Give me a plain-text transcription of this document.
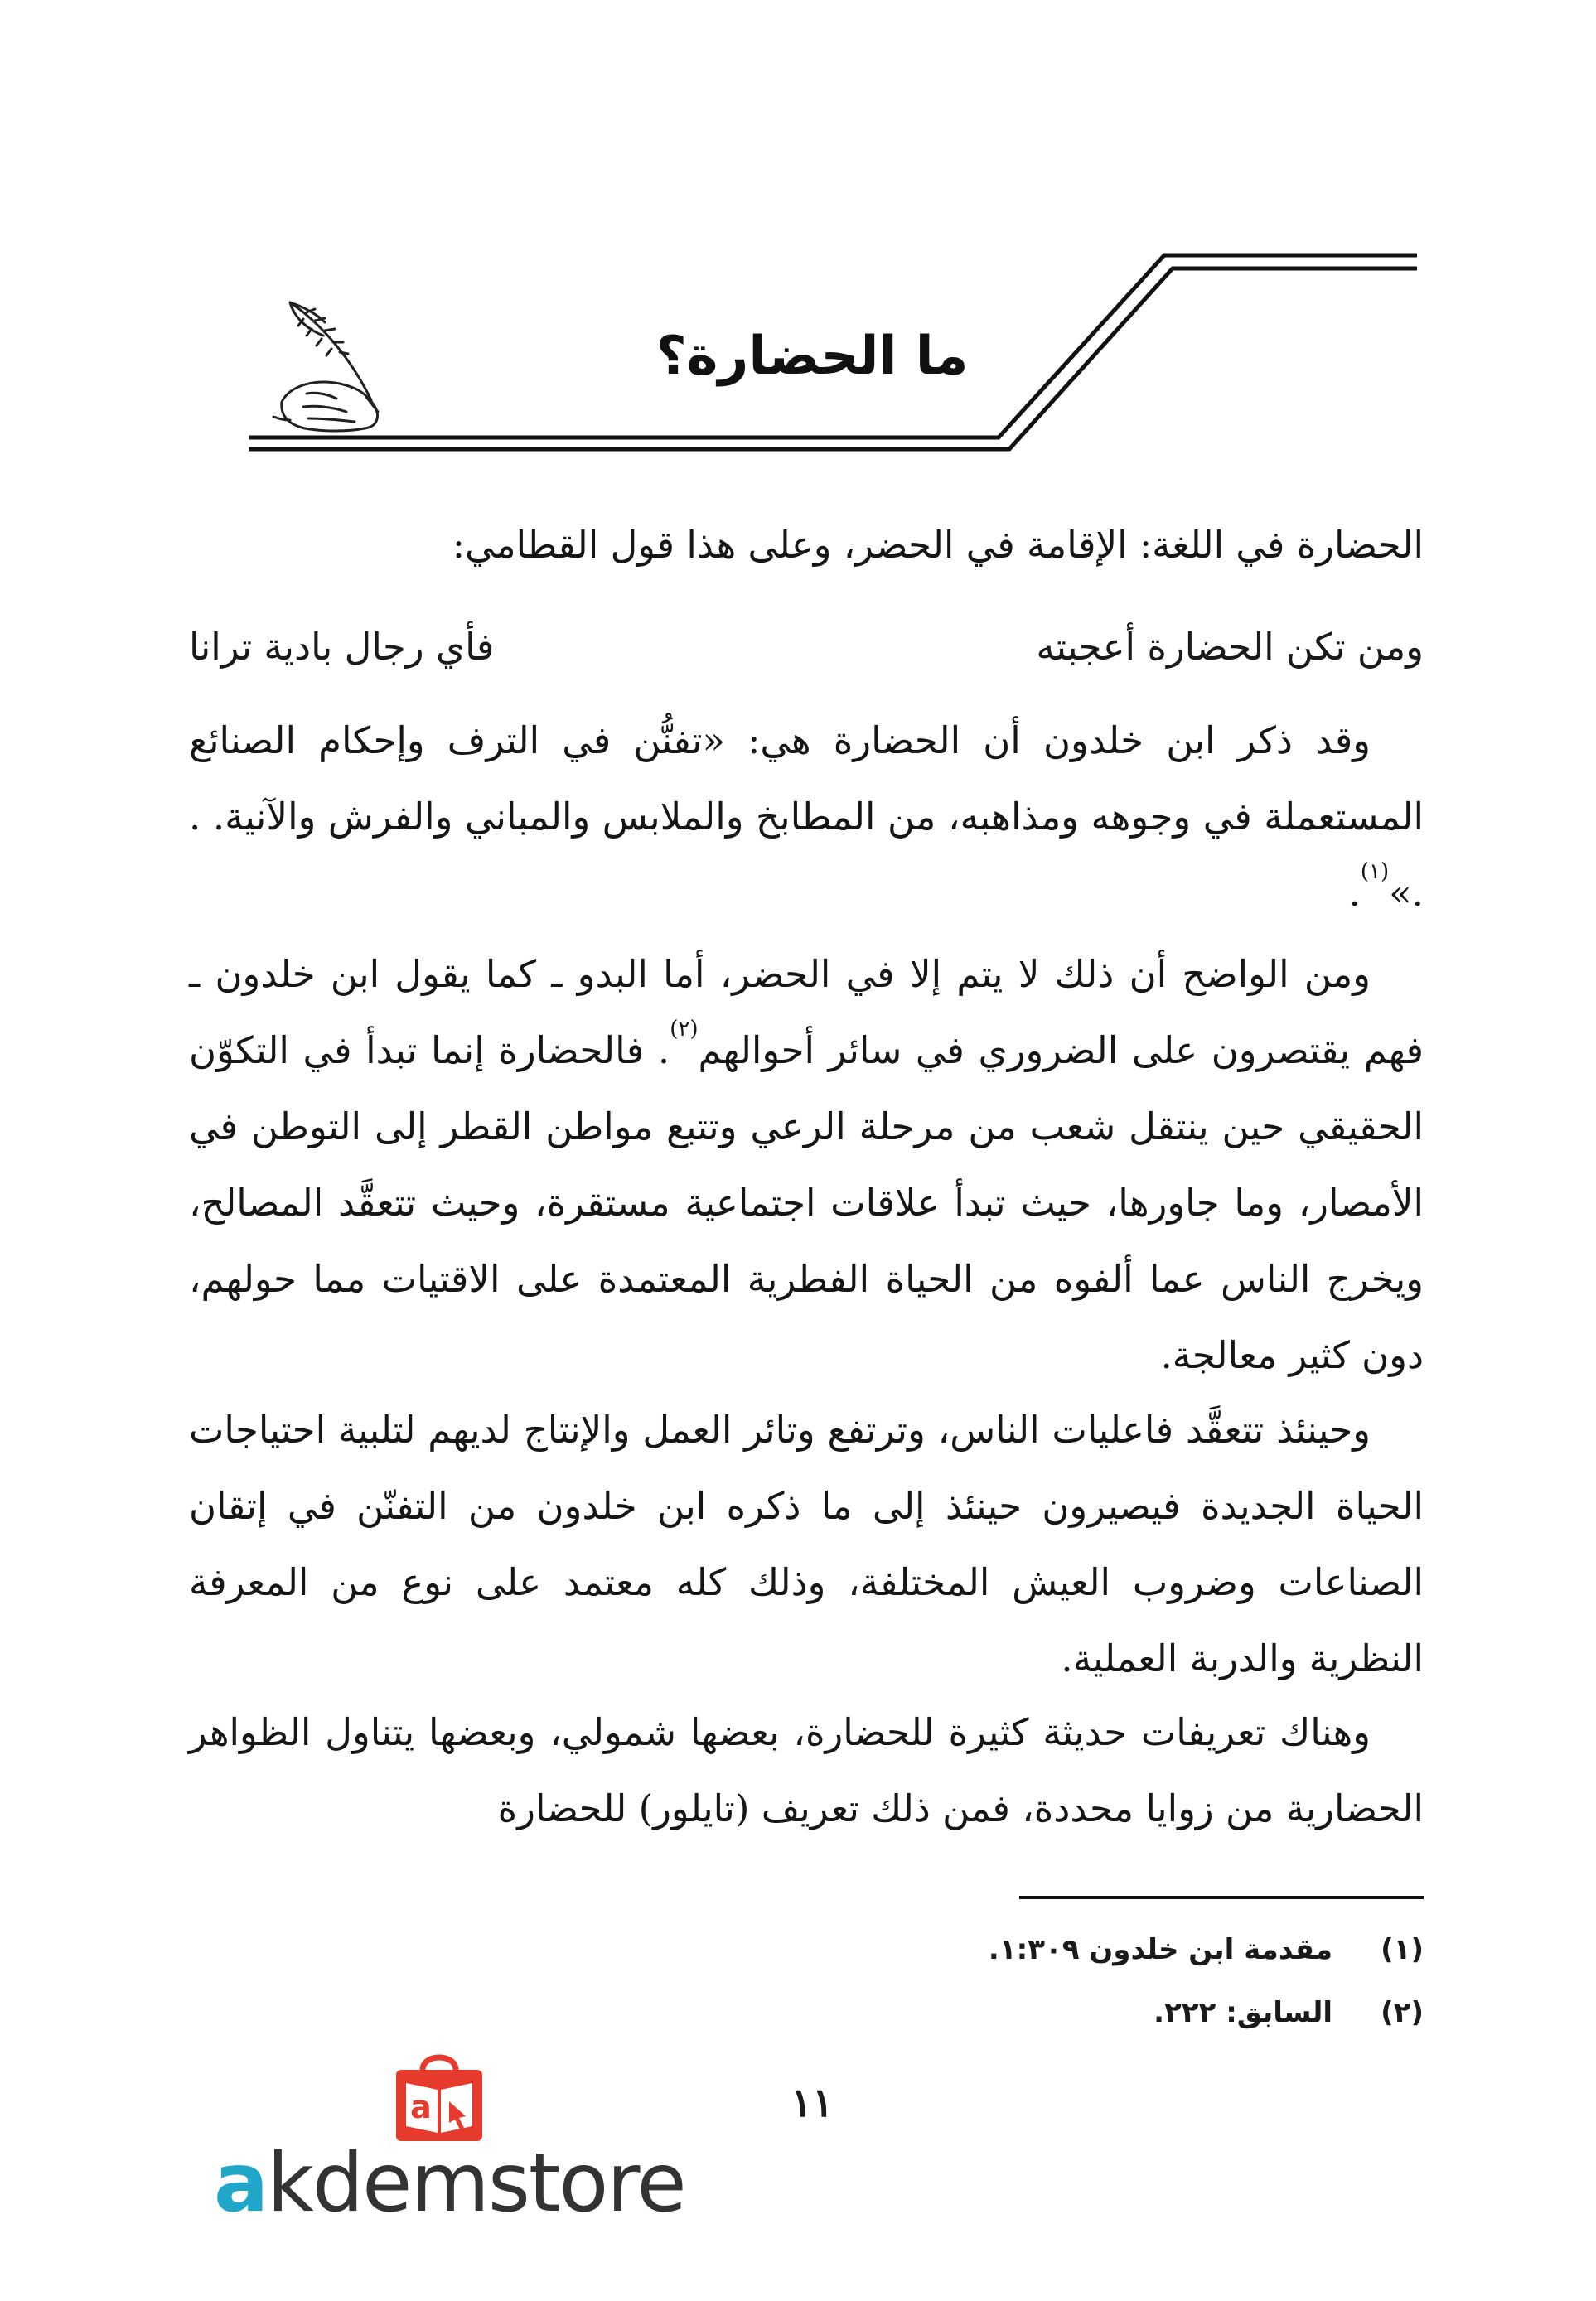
ما الحضارة؟
الحضارة في اللغة: الإقامة في الحضر، وعلى هذا قول القطامي:
ومن تكن الحضارة أعجبته
فأي رجال بادية ترانا
وقد ذكر ابن خلدون أن الحضارة هي: «تفنُّن في الترف وإحكام الصنائع المستعملة في وجوهه ومذاهبه، من المطابخ والملابس والمباني والفرش والآنية. . .»$^{(١)}$.
ومن الواضح أن ذلك لا يتم إلا في الحضر، أما البدو ـ كما يقول ابن خلدون ـ فهم يقتصرون على الضروري في سائر أحوالهم$^{(٢)}$. فالحضارة إنما تبدأ في التكوّن الحقيقي حين ينتقل شعب من مرحلة الرعي وتتبع مواطن القطر إلى التوطن في الأمصار، وما جاورها، حيث تبدأ علاقات اجتماعية مستقرة، وحيث تتعقَّد المصالح، ويخرج الناس عما ألفوه من الحياة الفطرية المعتمدة على الاقتيات مما حولهم، دون كثير معالجة.
وحينئذ تتعقَّد فاعليات الناس، وترتفع وتائر العمل والإنتاج لديهم لتلبية احتياجات الحياة الجديدة فيصيرون حينئذ إلى ما ذكره ابن خلدون من التفنّن في إتقان الصناعات وضروب العيش المختلفة، وذلك كله معتمد على نوع من المعرفة النظرية والدربة العملية.
وهناك تعريفات حديثة كثيرة للحضارة، بعضها شمولي، وبعضها يتناول الظواهر الحضارية من زوايا محددة، فمن ذلك تعريف (تايلور) للحضارة
(١)
مقدمة ابن خلدون ١:٣٠٩.
(٢)
السابق: ٢٢٢.
١١
a
akdemstore
